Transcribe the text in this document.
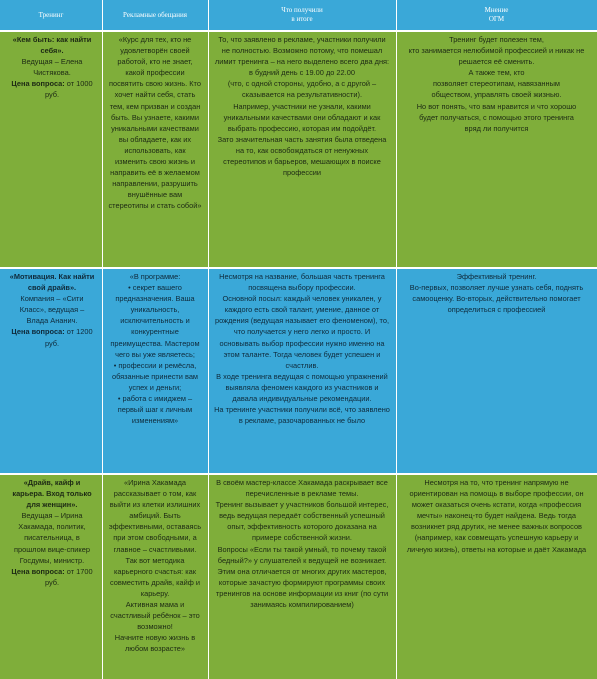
Тренинг	Рекламные обещания
Что получили
в итоге
Мнение
ОГМ

«Кем быть: как найти себя».

Ведущая – Елена Чистякова.

Цена вопроса: от 1000 руб.

«Курс для тех, кто не удовлетворён своей работой, кто не знает, какой профессии посвятить свою жизнь. Кто хочет найти себя, стать тем, кем призван и создан быть. Вы узнаете, какими уникальными качествами вы обладаете, как их использовать, как изменить свою жизнь и направить её в желаемом направлении, разрушить внушённые вам стереотипы и стать собой»

То, что заявлено в рекламе, участники получили не полностью. Возможно потому, что помешал лимит тренинга – на него выделено всего два дня: в будний день с 19.00 до 22.00
(что, с одной стороны, удобно, а с другой – сказывается на результативности).
Например, участники не узнали, какими уникальными качествами они обладают и как выбрать профессию, которая им подойдёт.
Зато значительная часть занятия была отведена на то, как освобождаться от ненужных стереотипов и барьеров, мешающих в поиске профессии

Тренинг будет полезен тем,
кто занимается нелюбимой профессией и никак не
решается её сменить.
А также тем, кто
позволяет стереотипам, навязанным
обществом, управлять своей жизнью.
Но вот понять, что вам нравится и что хорошо
будет получаться, с помощью этого тренинга
вряд ли получится

«Мотивация. Как найти свой драйв».

Компания – «Сити Класс», ведущая – Влада Ананич.

Цена вопроса: от 1200 руб.

«В программе:
• секрет вашего предназначения. Ваша уникальность, исключительность и конкурентные преимущества. Мастером чего вы уже являетесь;
• профессии и ремёсла, обязанные принести вам успех и деньги;
• работа с имиджем – первый шаг к личным изменениям»

Несмотря на название, большая часть тренинга посвящена выбору профессии.
Основной посыл: каждый человек уникален, у каждого есть свой талант, умение, данное от рождения (ведущая называет его феноменом), то, что получается у него легко и просто. И основывать выбор профессии нужно именно на этом таланте. Тогда человек будет успешен и счастлив.
В ходе тренинга ведущая с помощью упражнений выявляла феномен каждого из участников и давала индивидуальные рекомендации.
На тренинге участники получили всё, что заявлено в рекламе, разочарованных не было

Эффективный тренинг.
Во-первых, позволяет лучше узнать себя, поднять самооценку. Во-вторых, действительно помогает определиться с профессией

«Драйв, кайф и карьера. Вход только для женщин».

Ведущая – Ирина Хакамада, политик, писательница, в прошлом вице-спикер Госдумы, министр.

Цена вопроса: от 1700 руб.

«Ирина Хакамада рассказывает о том, как выйти из клетки излишних амбиций. Быть эффективными, оставаясь при этом свободными, а главное – счастливыми.
Так вот методика карьерного счастья: как совместить драйв, кайф и карьеру.
Активная мама и счастливый ребёнок – это возможно!
Начните новую жизнь в любом возрасте»

В своём мастер-классе Хакамада раскрывает все перечисленные в рекламе темы.
Тренинг вызывает у участников большой интерес, ведь ведущая передаёт собственный успешный опыт, эффективность которого доказана на примере собственной жизни.
Вопросы «Если ты такой умный, то почему такой бедный?» у слушателей к ведущей не возникает. Этим она отличается от многих других мастеров, которые зачастую формируют программы своих тренингов на основе информации из книг (по сути занимаясь компилированием)

Несмотря на то, что тренинг напрямую не ориентирован на помощь в выборе профессии, он может оказаться очень кстати, когда «профессия мечты» наконец-то будет найдена. Ведь тогда возникнет ряд других, не менее важных вопросов (например, как совмещать успешную карьеру и личную жизнь), ответы на которые и даёт Хакамада
